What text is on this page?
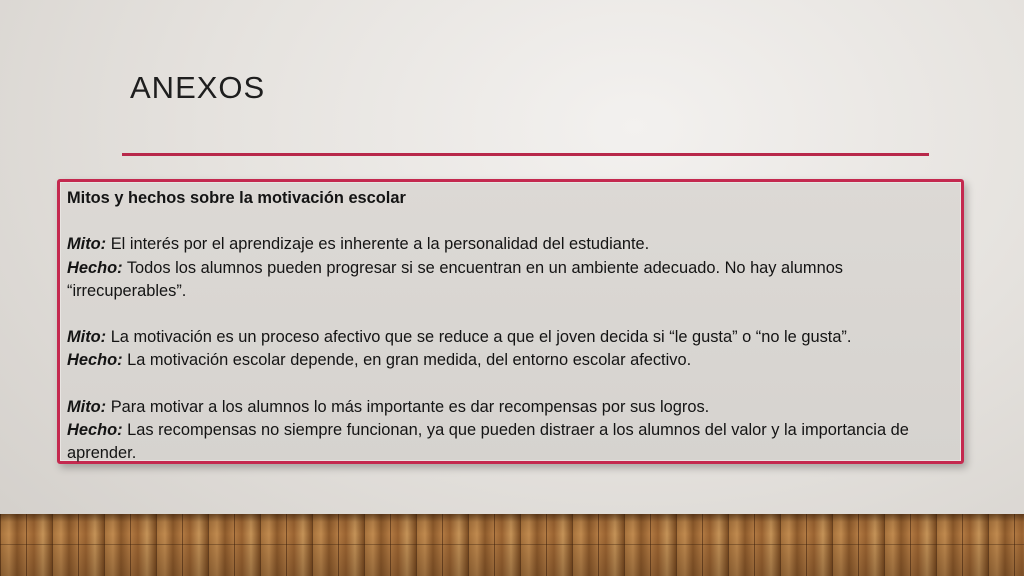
ANEXOS

Mitos y hechos sobre la motivación escolar

Mito: El interés por el aprendizaje es inherente a la personalidad del estudiante.

Hecho: Todos los alumnos pueden progresar si se encuentran en un ambiente adecuado. No hay alumnos “irrecuperables”.

Mito: La motivación es un proceso afectivo que se reduce a que el joven decida si “le gusta” o “no le gusta”.

Hecho: La motivación escolar depende, en gran medida, del entorno escolar afectivo.

Mito: Para motivar a los alumnos lo más importante es dar recompensas por sus logros.

Hecho: Las recompensas no siempre funcionan, ya que pueden distraer a los alumnos del valor y la importancia de aprender.
